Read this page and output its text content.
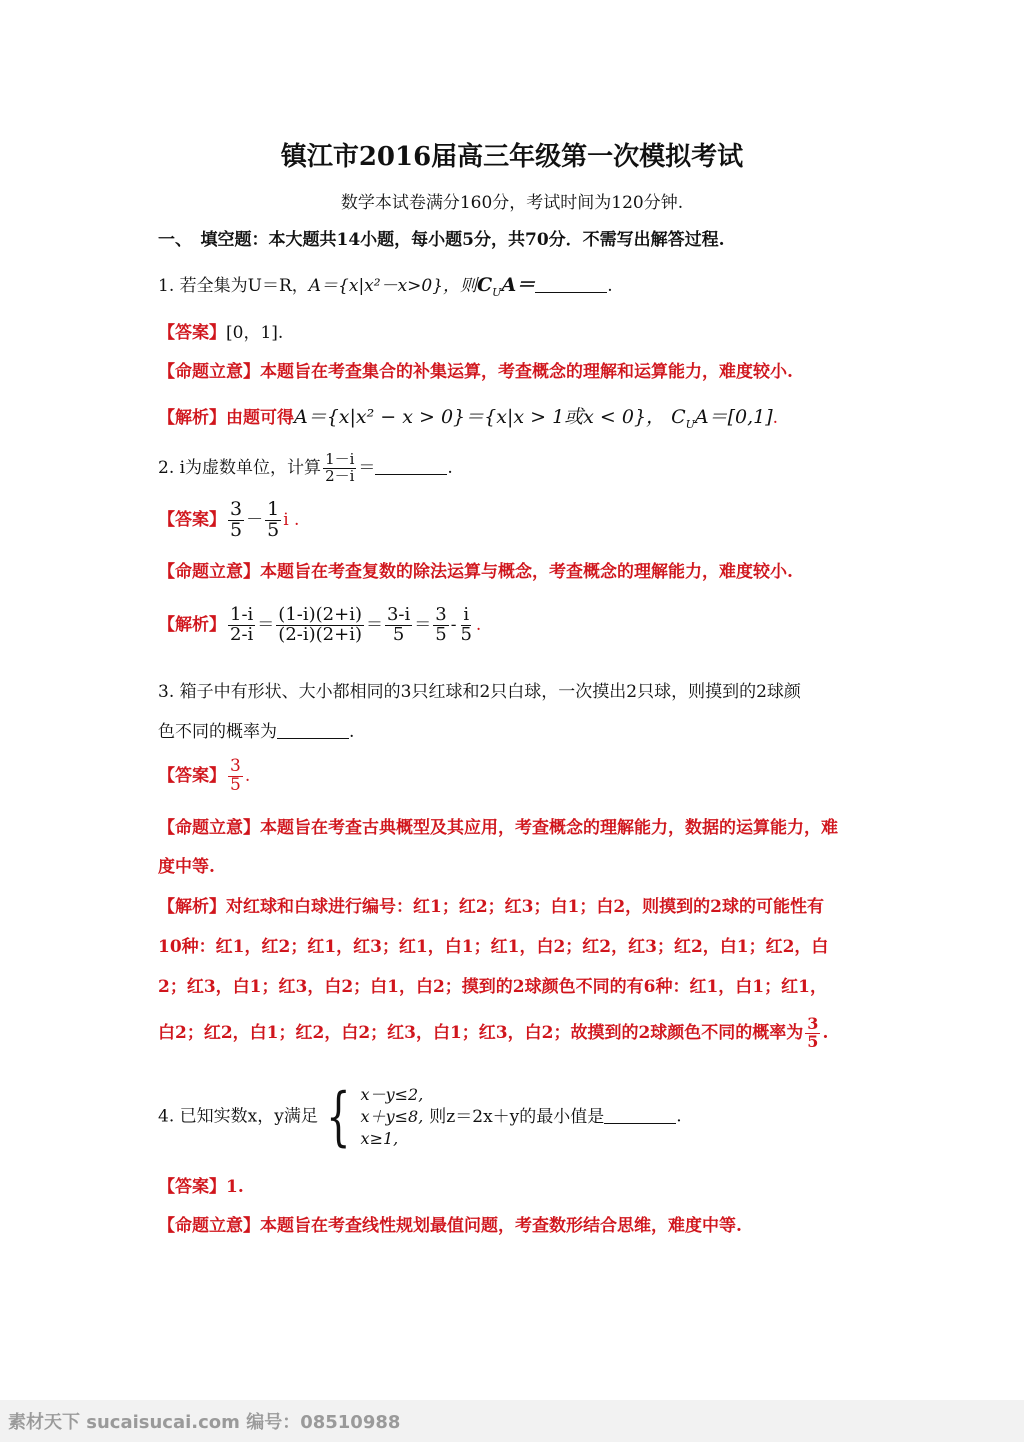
镇江市2016届高三年级第一次模拟考试
数学本试卷满分160分，考试时间为120分钟.
一、　填空题：本大题共14小题，每小题5分，共70分．不需写出解答过程.
1. 若全集为U＝R，A＝{x|x²－x>0}，则$C_UA=$	.
【答案】[0，1].
【命题立意】本题旨在考查集合的补集运算，考查概念的理解和运算能力，难度较小.
【解析】由题可得A＝{x|x² − x > 0}＝{x|x > 1或x < 0}， $C_UA=[0,1]$.
2. i为虚数单位，计算 $\frac{1-i}{2-i}$ ＝	.
【答案】 $\frac{3}{5} - \frac{1}{5}$ i .
【命题立意】本题旨在考查复数的除法运算与概念，考查概念的理解能力，难度较小.
【解析】 $\frac{1-i}{2-i} = \frac{(1-i)(2+i)}{(2-i)(2+i)} = \frac{3-i}{5} = \frac{3}{5} - \frac{i}{5}$ .
3. 箱子中有形状、大小都相同的3只红球和2只白球，一次摸出2只球，则摸到的2球颜
色不同的概率为	.
【答案】 $\frac{3}{5}$ .
【命题立意】本题旨在考查古典概型及其应用，考查概念的理解能力，数据的运算能力，难
度中等.
【解析】对红球和白球进行编号：红1；红2；红3；白1；白2，则摸到的2球的可能性有
10种：红1，红2；红1，红3；红1，白1；红1，白2；红2，红3；红2，白1；红2，白
2；红3，白1；红3，白2；白1，白2；摸到的2球颜色不同的有6种：红1，白1；红1，
白2；红2，白1；红2，白2；红3，白1；红3，白2；故摸到的2球颜色不同的概率为 $\frac{3}{5}$ .
4. 已知实数x，y满足 { x－y≤2,
x＋y≤8,
x≥1,
则z＝2x＋y的最小值是	.
【答案】1.
【命题立意】本题旨在考查线性规划最值问题，考查数形结合思维，难度中等.
素材天下 sucaisucai.com 编号：08510988
